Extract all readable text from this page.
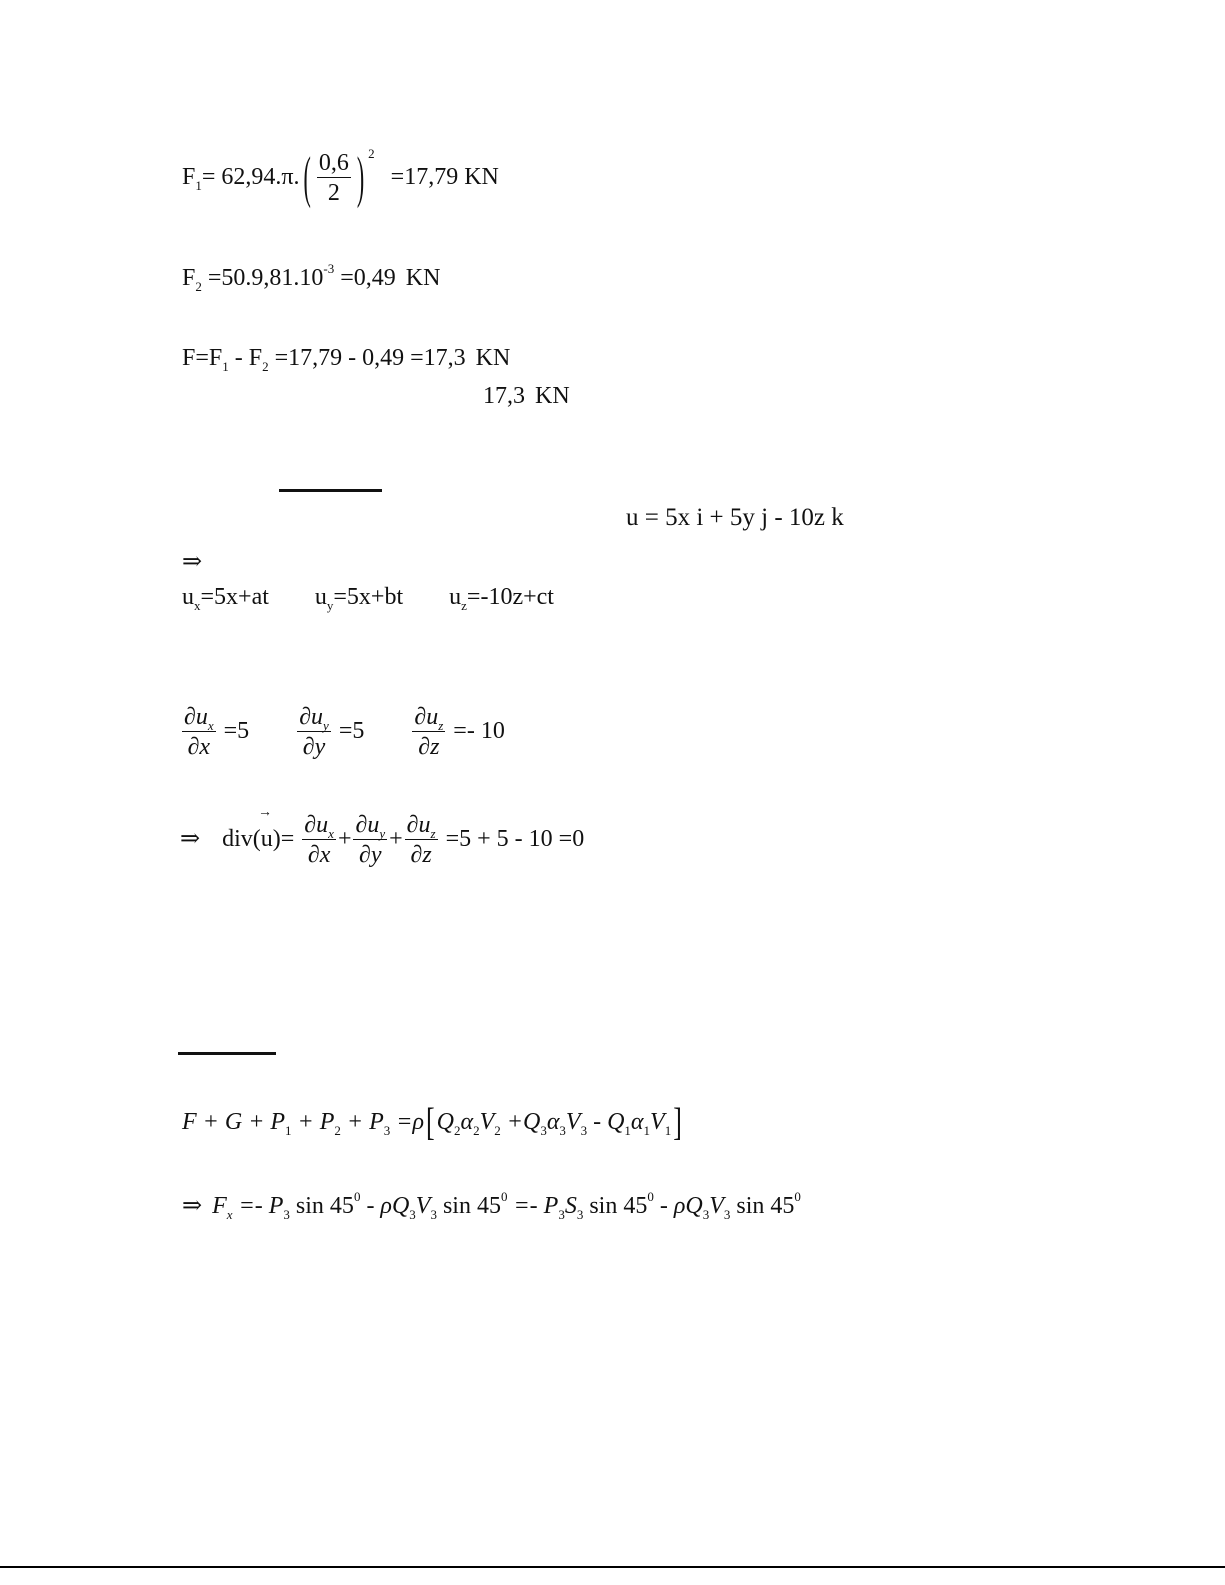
$F_1= 62,94.\pi$. ( $\frac{0,6}{2}$ ) $^2$ =17,79 KN
$F_2 =50.9,81.10^{-3} =0,49$ KN
$F=F_1 - F_2 =17,79 - 0,49 =17,3$ KN
17,3 KN
u = 5x i + 5y j - 10z k
⇒
$u_x=5x+at$ $u_y=5x+bt$ $u_z=-10z+ct$
$\frac{\partial u_x}{\partial x} =5 \frac{\partial u_y}{\partial y} =5 \frac{\partial u_z}{\partial z} =- 10$
→
⇒ $div(u)= \frac{\partial u_x}{\partial x} + \frac{\partial u_y}{\partial y} + \frac{\partial u_z}{\partial z} =5 + 5 - 10 =0$
$F + G + P_1 + P_2 + P_3 =\rho[Q_2\alpha_2V_2 +Q_3\alpha_3V_3 - Q_1\alpha_1V_1]$
⇒ $F_x =- P_3$ $\sin 45^0 - \rho Q_3V_3$ $\sin 45^0 =- P_3S_3$ $\sin 45^0 - \rho Q_3V_3$ $\sin 45^0$
